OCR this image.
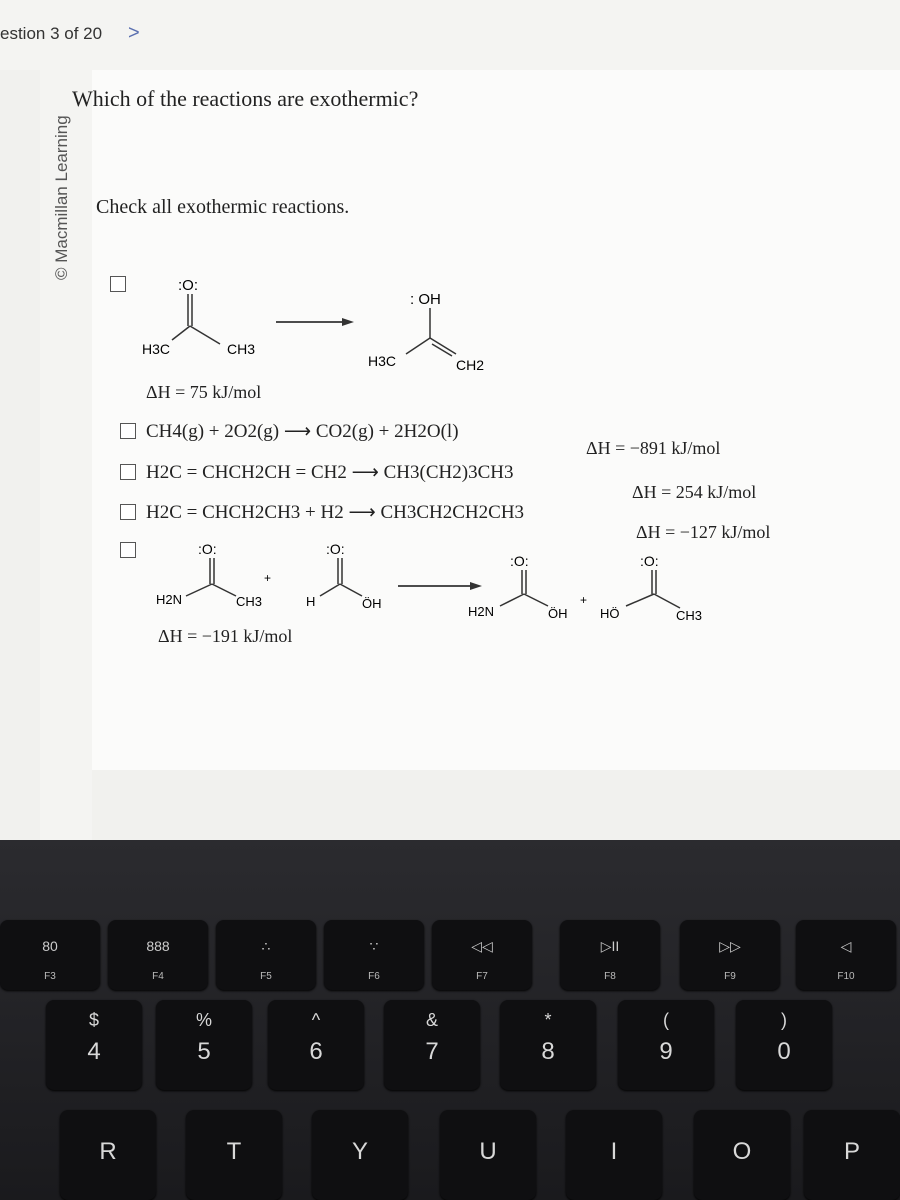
estion 3 of 20 >
© Macmillan Learning
Which of the reactions are exothermic?
Check all exothermic reactions.
:O:
H3C	CH3
: OH
H3C	CH2
ΔH = 75 kJ/mol
CH4(g) + 2O2(g) ⟶ CO2(g) + 2H2O(l)
ΔH = −891 kJ/mol
H2C = CHCH2CH = CH2 ⟶ CH3(CH2)3CH3
ΔH = 254 kJ/mol
H2C = CHCH2CH3 + H2 ⟶ CH3CH2CH2CH3
ΔH = −127 kJ/mol
:O:
H2N	CH3
+
:O:
H	ÖH
:O:
H2N	ÖH
+
:O:
HÖ	CH3
ΔH = −191 kJ/mol
80
F3
888
F4
∴
F5
∵
F6
◁◁
F7
▷II
F8
▷▷
F9
◁
F10
$
4
%
5
^
6
&
7
*
8
(
9
)
0
R	T	Y	U	I	O	P
